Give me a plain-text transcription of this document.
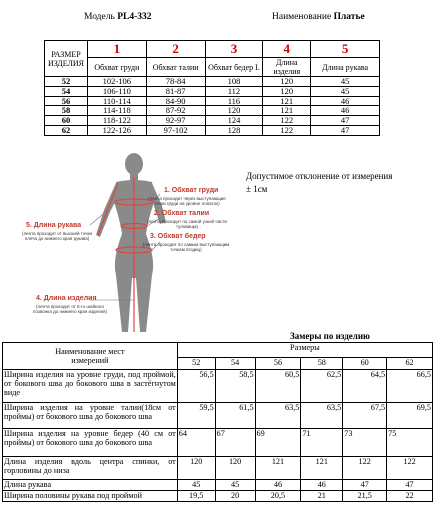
Модель PL4-332	Наименование Платье
РАЗМЕР ИЗДЕЛИЯ	1	2	3	4	5
	Обхват груди	Обхват талии	Обхват бедер I.	Длина изделия	Длина рукава
52	102-106	78-84	108	120	45
54	106-110	81-87	112	120	45
56	110-114	84-90	116	121	46
58	114-118	87-92	120	121	46
60	118-122	92-97	124	122	47
62	122-126	97-102	128	122	47
1. Обхват груди
(лента проходит через выступающие точки груди на уровне лопаток)
2. Обхват талии
(лента проходит по самой узкой части туловища)
3. Обхват бедер
(лента проходит по самым выступающим точкам ягодиц)
5. Длина рукава
(лента проходит от высшей точки плеча до нижнего края рукава)
4. Длина изделия
(лента проходит от 6-го шейного позвонка до нижнего края изделия)
Допустимое отклонение от измерения
± 1см
Замеры по изделию
Наименование мест измерений	Размеры					
	52	54	56	58	60	62
Ширина изделия на уровне груди, под проймой, от бокового шва до бокового шва в застёгнутом виде	56,5	58,5	60,5	62,5	64,5	66,5
Ширина изделия на уровне талии(18см от проймы) от бокового шва до бокового шва	59,5	61,5	63,5	63,5	67,5	69,5
Ширина изделия на уровне бедер (40 см от проймы) от бокового шва до бокового шва	64	67	69	71	73	75
Длина изделия вдоль центра спинки, от горловины до низа	120	120	121	121	122	122
Длина рукава	45	45	46	46	47	47
Ширина половины рукава под проймой	19,5	20	20,5	21	21,5	22
